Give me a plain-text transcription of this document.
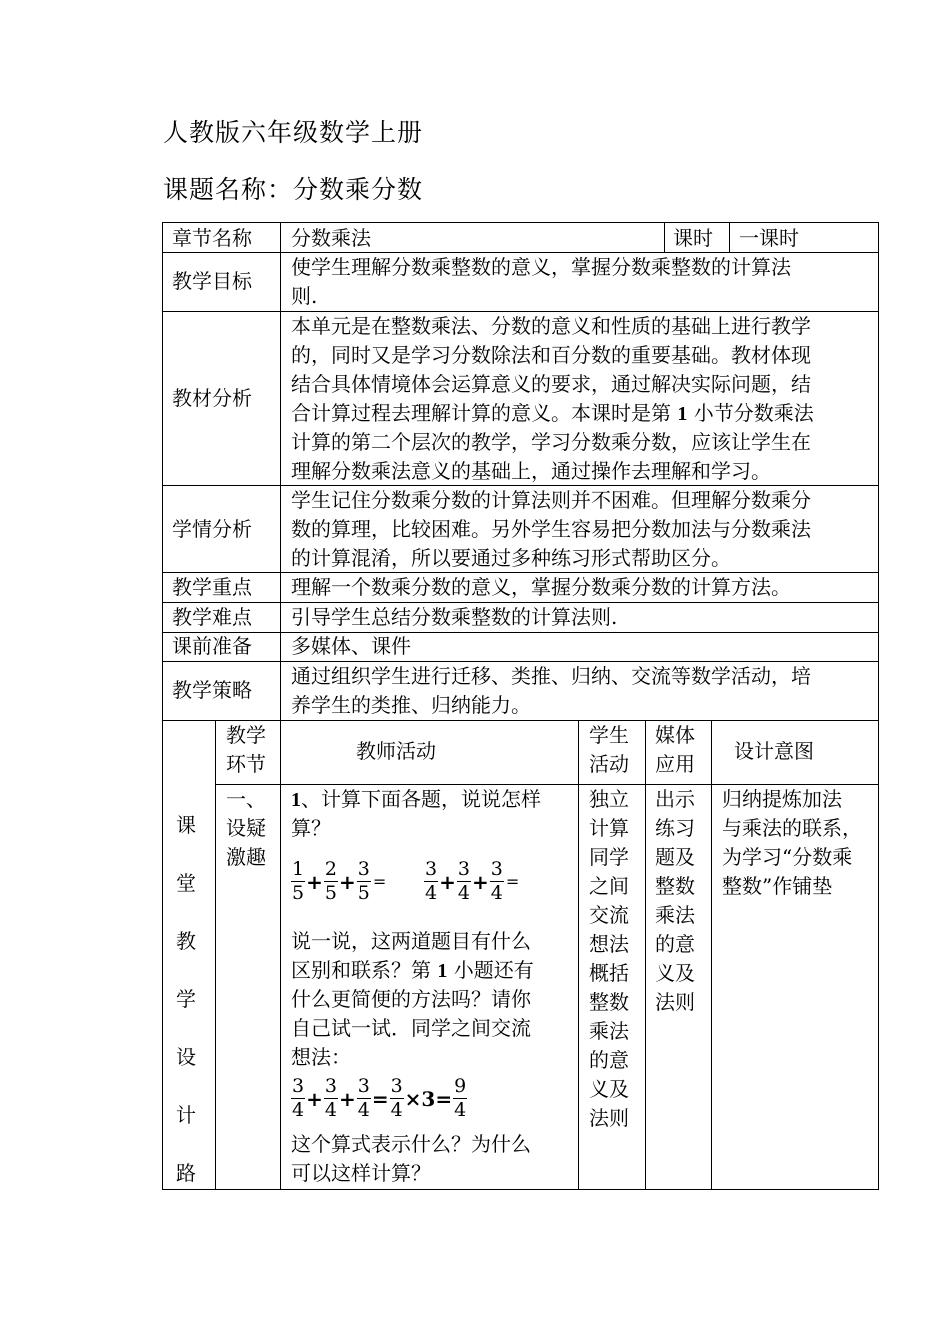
人教版六年级数学上册
课题名称：分数乘分数
章节名称 分数乘法	课时 一课时
教学目标
使学生理解分数乘整数的意义，掌握分数乘整数的计算法
则.
教材分析
本单元是在整数乘法、分数的意义和性质的基础上进行教学
的，同时又是学习分数除法和百分数的重要基础。教材体现
结合具体情境体会运算意义的要求，通过解决实际问题，结
合计算过程去理解计算的意义。本课时是第 1 小节分数乘法
计算的第二个层次的教学，学习分数乘分数，应该让学生在
理解分数乘法意义的基础上，通过操作去理解和学习。
学情分析
学生记住分数乘分数的计算法则并不困难。但理解分数乘分
数的算理，比较困难。另外学生容易把分数加法与分数乘法
的计算混淆，所以要通过多种练习形式帮助区分。
教学重点 理解一个数乘分数的意义，掌握分数乘分数的计算方法。
教学难点 引导学生总结分数乘整数的计算法则.
课前准备 多媒体、课件
教学策略
通过组织学生进行迁移、类推、归纳、交流等数学活动，培
养学生的类推、归纳能力。
课
堂
教
学
设
计
路
教学
环节
教师活动
学生
活动
媒体
应用
设计意图
一、
设疑
激趣
1、计算下面各题，说说怎样
算？
$\frac{1}{5} + \frac{2}{5} + \frac{3}{5} = \frac{3}{4} + \frac{3}{4} + \frac{3}{4}$ =
说一说，这两道题目有什么
区别和联系？第 1 小题还有
什么更简便的方法吗？请你
自己试一试．同学之间交流
想法：
$\frac{3}{4} + \frac{3}{4} + \frac{3}{4} = \frac{3}{4} \times 3= \frac{9}{4}$
这个算式表示什么？为什么
可以这样计算？
独立
计算
同学
之间
交流
想法
概括
整数
乘法
的意
义及
法则
出示
练习
题及
整数
乘法
的意
义及
法则
归纳提炼加法
与乘法的联系，
为学习“分数乘
整数”作铺垫
